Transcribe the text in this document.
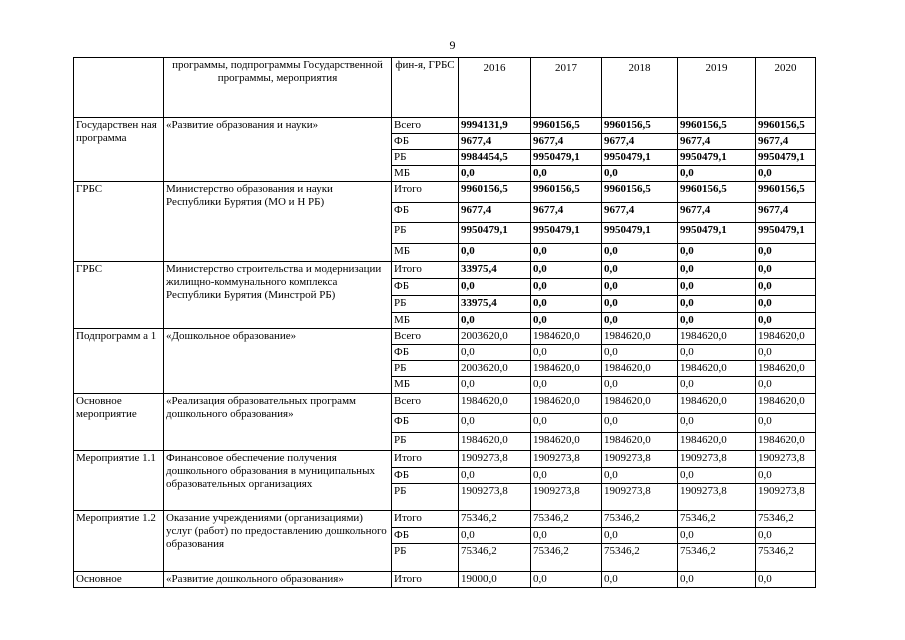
9
	программы, подпрограммы Государственной программы, мероприятия	фин-я, ГРБС	2016	2017	2018	2019	2020
Государствен ная программа	«Развитие образования и науки»	Всего	9994131,9	9960156,5	9960156,5	9960156,5	9960156,5
		ФБ	9677,4	9677,4	9677,4	9677,4	9677,4
		РБ	9984454,5	9950479,1	9950479,1	9950479,1	9950479,1
		МБ	0,0	0,0	0,0	0,0	0,0
ГРБС	Министерство образования и науки Республики Бурятия (МО и Н РБ)	Итого	9960156,5	9960156,5	9960156,5	9960156,5	9960156,5
		ФБ	9677,4	9677,4	9677,4	9677,4	9677,4
		РБ	9950479,1	9950479,1	9950479,1	9950479,1	9950479,1
		МБ	0,0	0,0	0,0	0,0	0,0
ГРБС	Министерство строительства и модернизации жилищно-коммунального комплекса Республики Бурятия (Минстрой РБ)	Итого	33975,4	0,0	0,0	0,0	0,0
		ФБ	0,0	0,0	0,0	0,0	0,0
		РБ	33975,4	0,0	0,0	0,0	0,0
		МБ	0,0	0,0	0,0	0,0	0,0
Подпрограмм а 1	«Дошкольное образование»	Всего	2003620,0	1984620,0	1984620,0	1984620,0	1984620,0
		ФБ	0,0	0,0	0,0	0,0	0,0
		РБ	2003620,0	1984620,0	1984620,0	1984620,0	1984620,0
		МБ	0,0	0,0	0,0	0,0	0,0
Основное мероприятие	«Реализация образовательных программ дошкольного образования»	Всего	1984620,0	1984620,0	1984620,0	1984620,0	1984620,0
		ФБ	0,0	0,0	0,0	0,0	0,0
		РБ	1984620,0	1984620,0	1984620,0	1984620,0	1984620,0
Мероприятие 1.1	Финансовое обеспечение получения дошкольного образования в муниципальных образовательных организациях	Итого	1909273,8	1909273,8	1909273,8	1909273,8	1909273,8
		ФБ	0,0	0,0	0,0	0,0	0,0
		РБ	1909273,8	1909273,8	1909273,8	1909273,8	1909273,8
Мероприятие 1.2	Оказание учреждениями (организациями) услуг (работ) по предоставлению дошкольного образования	Итого	75346,2	75346,2	75346,2	75346,2	75346,2
		ФБ	0,0	0,0	0,0	0,0	0,0
		РБ	75346,2	75346,2	75346,2	75346,2	75346,2
Основное	«Развитие дошкольного образования»	Итого	19000,0	0,0	0,0	0,0	0,0
